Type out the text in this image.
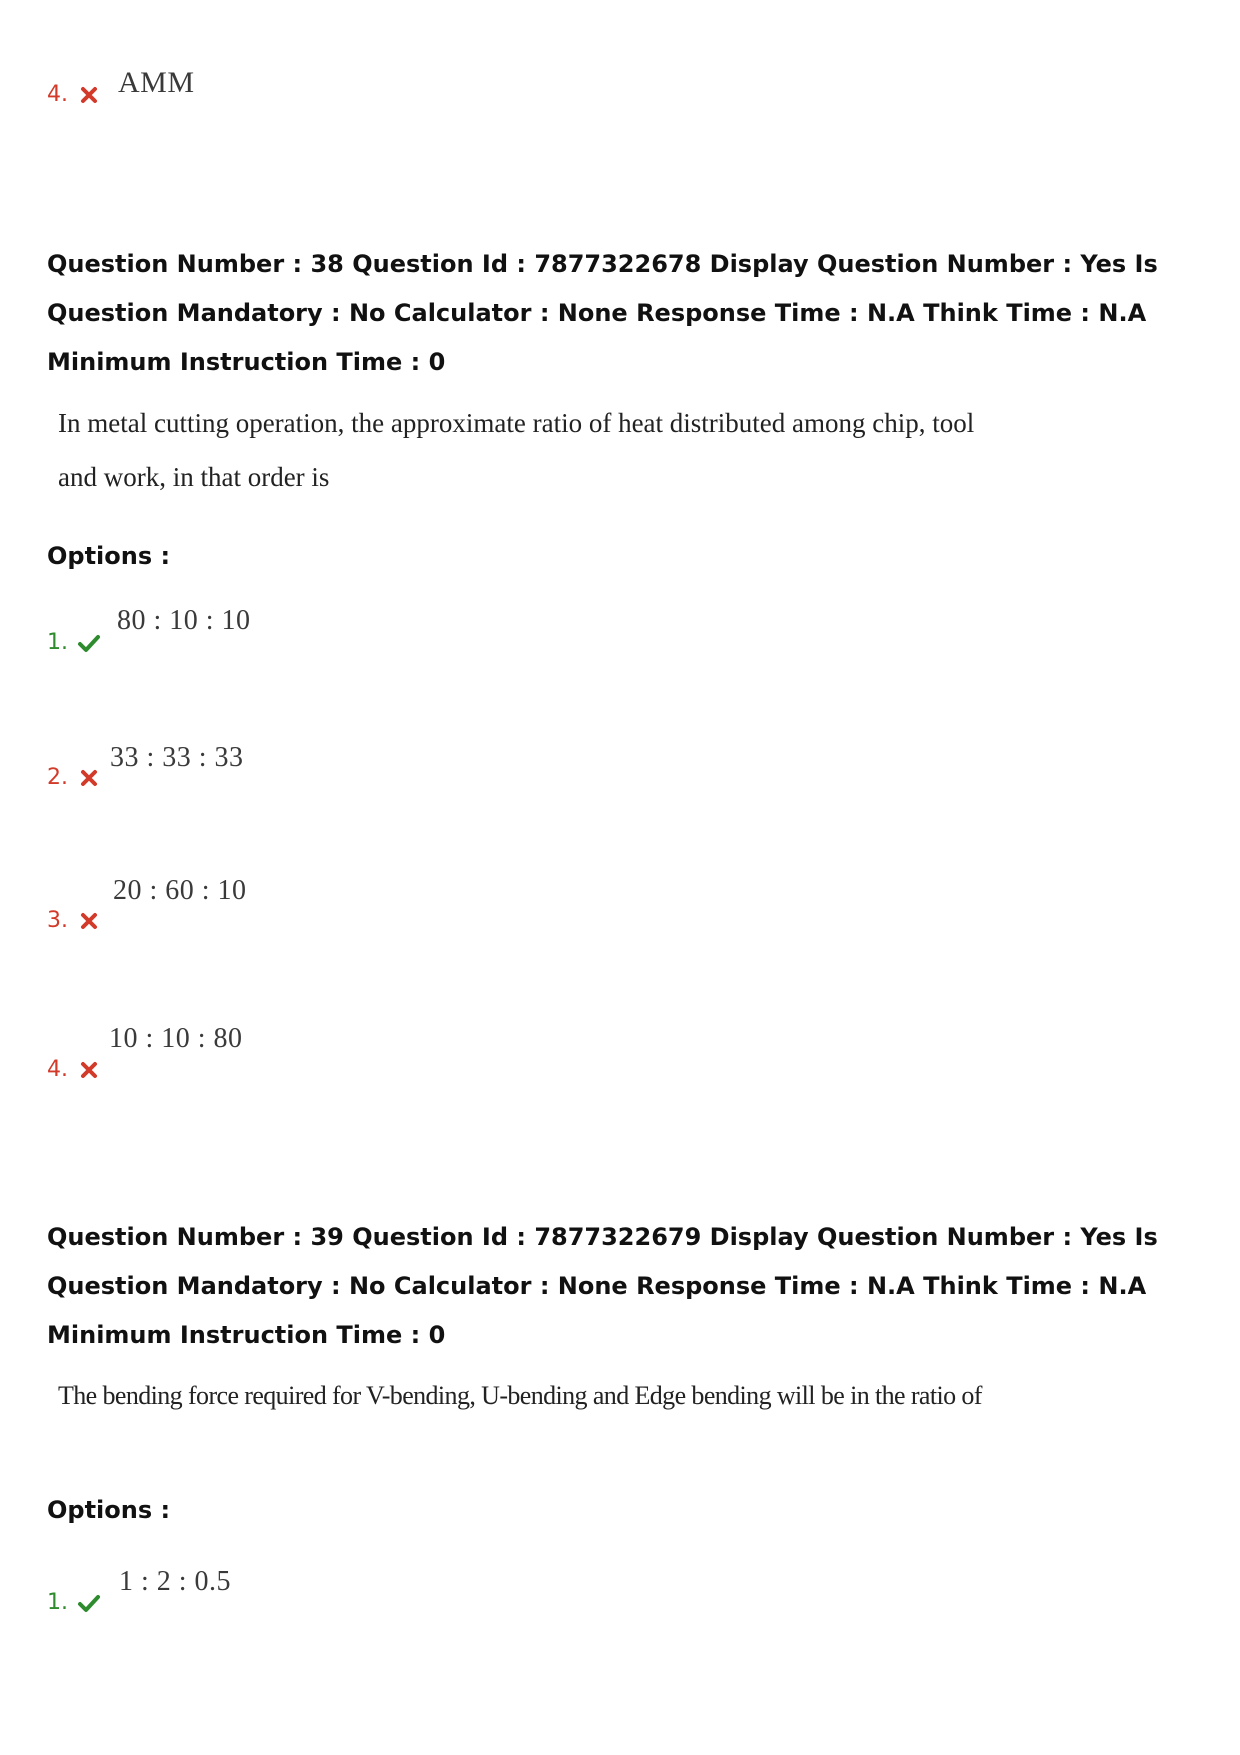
4.	AMM
Question Number : 38 Question Id : 7877322678 Display Question Number : Yes Is Question Mandatory : No Calculator : None Response Time : N.A Think Time : N.A Minimum Instruction Time : 0
In metal cutting operation, the approximate ratio of heat distributed among chip, tool
and work, in that order is
Options :
1.
80 : 10 : 10
2.
33 : 33 : 33
3.
20 : 60 : 10
4.
10 : 10 : 80
Question Number : 39 Question Id : 7877322679 Display Question Number : Yes Is Question Mandatory : No Calculator : None Response Time : N.A Think Time : N.A Minimum Instruction Time : 0
The bending force required for V-bending, U-bending and Edge bending will be in the ratio of
Options :
1.
1 : 2 : 0.5
